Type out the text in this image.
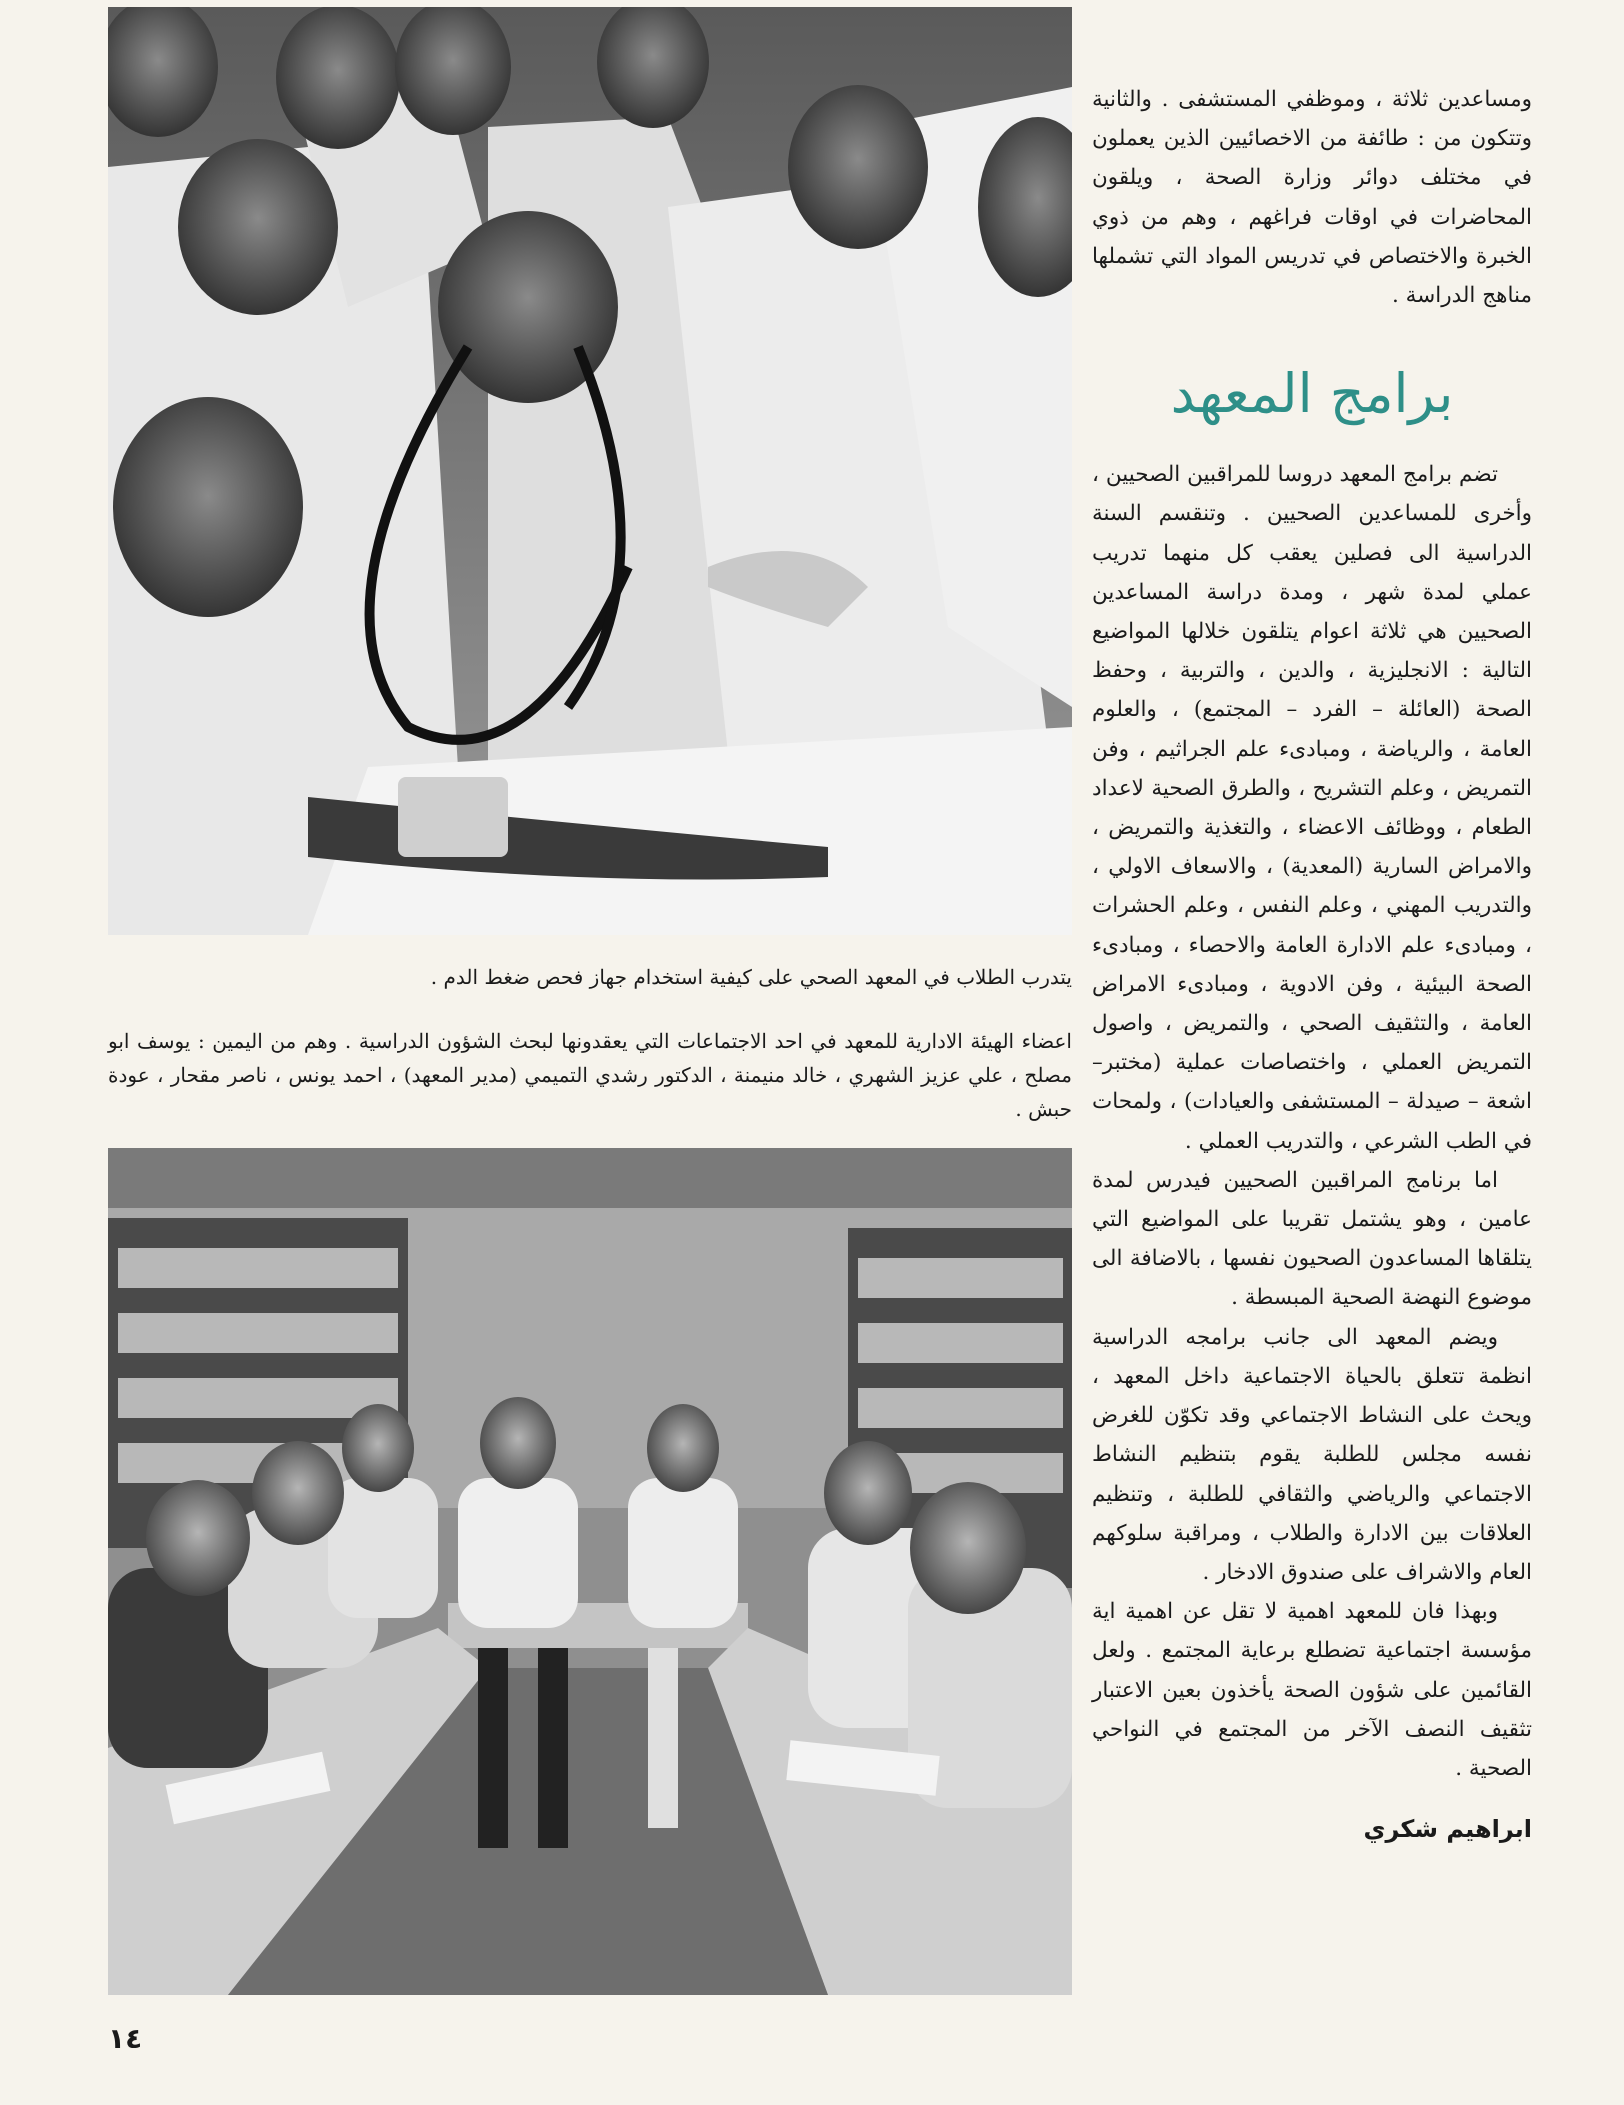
يتدرب الطلاب في المعهد الصحي على كيفية استخدام جهاز فحص ضغط الدم .
اعضاء الهيئة الادارية للمعهد في احد الاجتماعات التي يعقدونها لبحث الشؤون الدراسية . وهم من اليمين : يوسف ابو مصلح ، علي عزيز الشهري ، خالد منيمنة ، الدكتور رشدي التميمي (مدير المعهد) ، احمد يونس ، ناصر مقحار ، عودة حبش .

ومساعدين ثلاثة ، وموظفي المستشفى . والثانية وتتكون من : طائفة من الاخصائيين الذين يعملون في مختلف دوائر وزارة الصحة ، ويلقون المحاضرات في اوقات فراغهم ، وهم من ذوي الخبرة والاختصاص في تدريس المواد التي تشملها مناهج الدراسة .

برامج المعهد

تضم برامج المعهد دروسا للمراقبين الصحيين ، وأخرى للمساعدين الصحيين . وتنقسم السنة الدراسية الى فصلين يعقب كل منهما تدريب عملي لمدة شهر ، ومدة دراسة المساعدين الصحيين هي ثلاثة اعوام يتلقون خلالها المواضيع التالية : الانجليزية ، والدين ، والتربية ، وحفظ الصحة (العائلة – الفرد – المجتمع) ، والعلوم العامة ، والرياضة ، ومبادىء علم الجراثيم ، وفن التمريض ، وعلم التشريح ، والطرق الصحية لاعداد الطعام ، ووظائف الاعضاء ، والتغذية والتمريض ، والامراض السارية (المعدية) ، والاسعاف الاولي ، والتدريب المهني ، وعلم النفس ، وعلم الحشرات ، ومبادىء علم الادارة العامة والاحصاء ، ومبادىء الصحة البيئية ، وفن الادوية ، ومبادىء الامراض العامة ، والتثقيف الصحي ، والتمريض ، واصول التمريض العملي ، واختصاصات عملية (مختبر– اشعة – صيدلة – المستشفى والعيادات) ، ولمحات في الطب الشرعي ، والتدريب العملي .

اما برنامج المراقبين الصحيين فيدرس لمدة عامين ، وهو يشتمل تقريبا على المواضيع التي يتلقاها المساعدون الصحيون نفسها ، بالاضافة الى موضوع النهضة الصحية المبسطة .

ويضم المعهد الى جانب برامجه الدراسية انظمة تتعلق بالحياة الاجتماعية داخل المعهد ، ويحث على النشاط الاجتماعي وقد تكوّن للغرض نفسه مجلس للطلبة يقوم بتنظيم النشاط الاجتماعي والرياضي والثقافي للطلبة ، وتنظيم العلاقات بين الادارة والطلاب ، ومراقبة سلوكهم العام والاشراف على صندوق الادخار .

وبهذا فان للمعهد اهمية لا تقل عن اهمية اية مؤسسة اجتماعية تضطلع برعاية المجتمع . ولعل القائمين على شؤون الصحة يأخذون بعين الاعتبار تثقيف النصف الآخر من المجتمع في النواحي الصحية .

ابراهيم شكري
١٤
